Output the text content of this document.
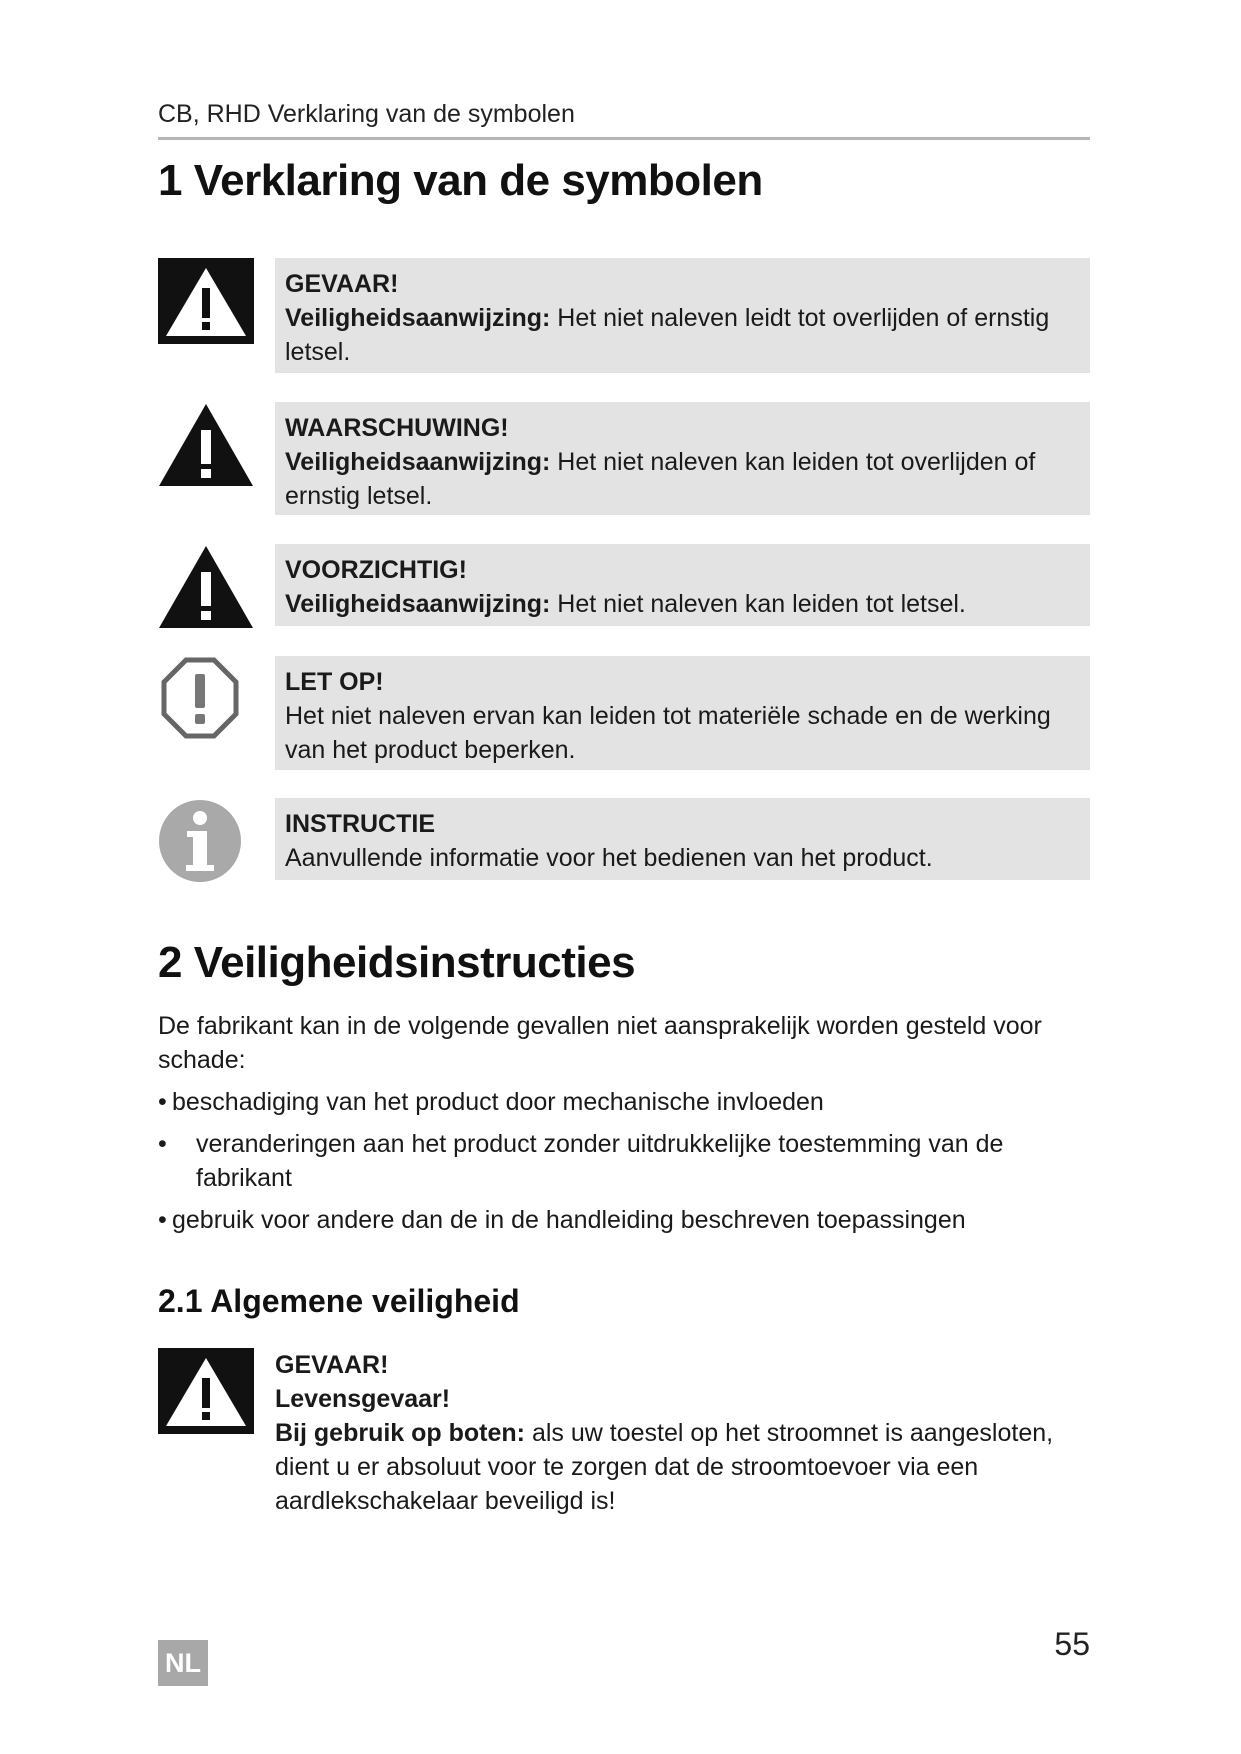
CB, RHD Verklaring van de symbolen
1 Verklaring van de symbolen
GEVAAR!
Veiligheidsaanwijzing: Het niet naleven leidt tot overlijden of ernstig letsel.
WAARSCHUWING!
Veiligheidsaanwijzing: Het niet naleven kan leiden tot overlijden of ernstig letsel.
VOORZICHTIG!
Veiligheidsaanwijzing: Het niet naleven kan leiden tot letsel.
LET OP!
Het niet naleven ervan kan leiden tot materiële schade en de werking van het product beperken.
INSTRUCTIE
Aanvullende informatie voor het bedienen van het product.
2 Veiligheidsinstructies
De fabrikant kan in de volgende gevallen niet aansprakelijk worden gesteld voor schade:
• beschadiging van het product door mechanische invloeden
•	veranderingen aan het product zonder uitdrukkelijke toestemming van de fabrikant
• gebruik voor andere dan de in de handleiding beschreven toepassingen
2.1 Algemene veiligheid
GEVAAR!
Levensgevaar!
Bij gebruik op boten: als uw toestel op het stroomnet is aangesloten, dient u er absoluut voor te zorgen dat de stroomtoevoer via een aardlekschakelaar beveiligd is!
NL
55
